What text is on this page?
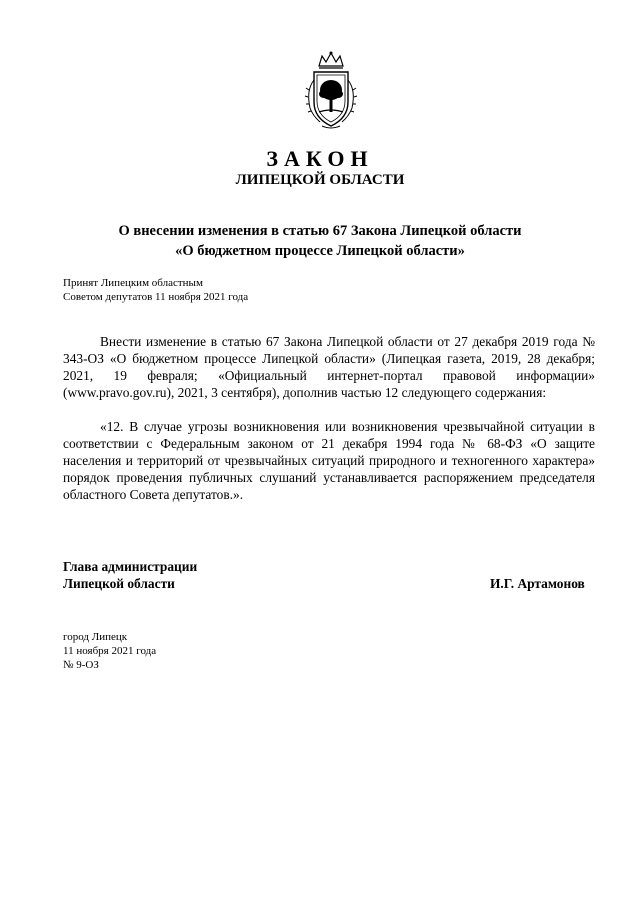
ЗАКОН
ЛИПЕЦКОЙ ОБЛАСТИ
О внесении изменения в статью 67 Закона Липецкой области
«О бюджетном процессе Липецкой области»
Принят Липецким областным
Советом депутатов 11 ноября 2021 года

Внести изменение в статью 67 Закона Липецкой области от 27 декабря 2019 года № 343-ОЗ «О бюджетном процессе Липецкой области» (Липецкая газета, 2019, 28 декабря; 2021, 19 февраля; «Официальный интернет-портал правовой информации» (www.pravo.gov.ru), 2021, 3 сентября), дополнив частью 12 следующего содержания:

«12. В случае угрозы возникновения или возникновения чрезвычайной ситуации в соответствии с Федеральным законом от 21 декабря 1994 года № 68-ФЗ «О защите населения и территорий от чрезвычайных ситуаций природного и техногенного характера» порядок проведения публичных слушаний устанавливается распоряжением председателя областного Совета депутатов.».

Глава администрации
Липецкой области	И.Г. Артамонов
город Липецк
11 ноября 2021 года
№ 9-ОЗ
